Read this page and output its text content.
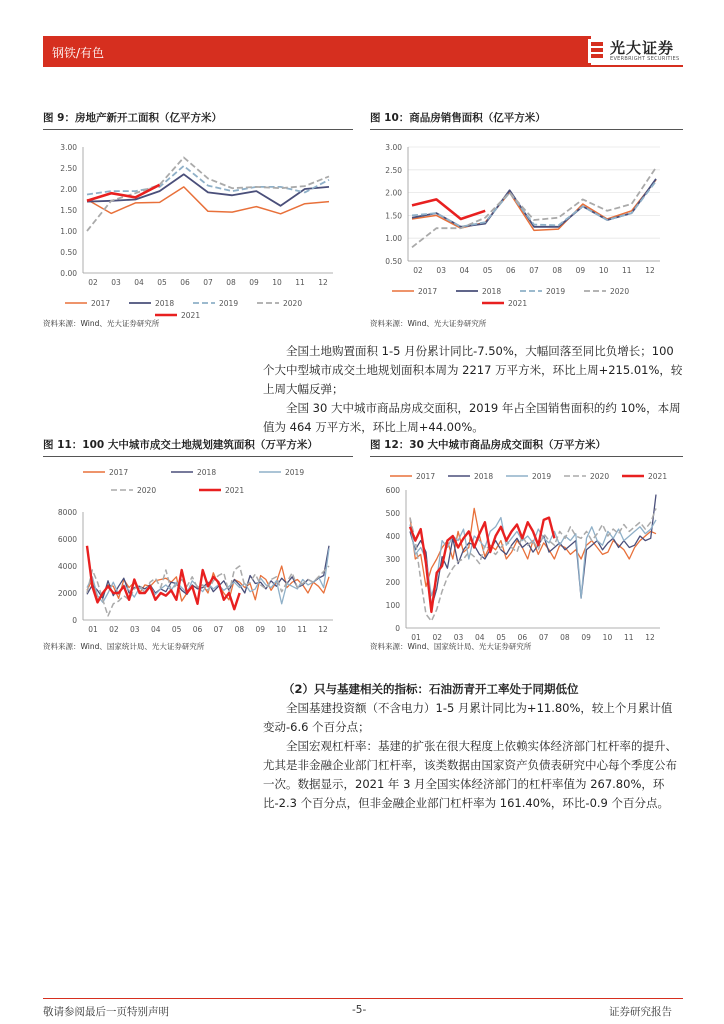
钢铁/有色	光大证券
EVERBRIGHT SECURITIES
图 9：房地产新开工面积（亿平方米）	图 10：商品房销售面积（亿平方米）
0.00
0.50
1.00
1.50
2.00
2.50
3.00
02 03 04 05 06 07 08 09 10 11 12
2017	2018	2019	2020
2021
0.50
1.00
1.50
2.00
2.50
3.00
02 03 04 05 06 07 08 09 10 11 12
2017	2018	2019	2020
2021
资料来源：Wind、光大证券研究所	资料来源：Wind、光大证券研究所
全国土地购置面积 1-5 月份累计同比-7.50%，大幅回落至同比负增长；100 个大中型城市成交土地规划面积本周为 2217 万平方米，环比上周+215.01%，较上周大幅反弹；
全国 30 大中城市商品房成交面积，2019 年占全国销售面积的约 10%，本周值为 464 万平方米，环比上周+44.00%。
图 11：100 大中城市成交土地规划建筑面积（万平方米）	图 12：30 大中城市商品房成交面积（万平方米）
0
2000
4000
6000
8000
01 02 03 04 05 06 07 08 09 10 11 12
2017	2018	2019
2020	2021
0
100
200
300
400
500
600
01 02 03 04 05 06 07 08 09 10 11 12
2017	2018	2019	2020	2021
资料来源：Wind、国家统计局、光大证券研究所	资料来源：Wind、国家统计局、光大证券研究所
（2）只与基建相关的指标：石油沥青开工率处于同期低位
全国基建投资额（不含电力）1-5 月累计同比为+11.80%，较上个月累计值变动-6.6 个百分点；
全国宏观杠杆率：基建的扩张在很大程度上依赖实体经济部门杠杆率的提升、尤其是非金融企业部门杠杆率，该类数据由国家资产负债表研究中心每个季度公布一次。数据显示，2021 年 3 月全国实体经济部门的杠杆率值为 267.80%，环比-2.3 个百分点，但非金融企业部门杠杆率为 161.40%，环比-0.9 个百分点。
敬请参阅最后一页特别声明	-5-	证券研究报告
